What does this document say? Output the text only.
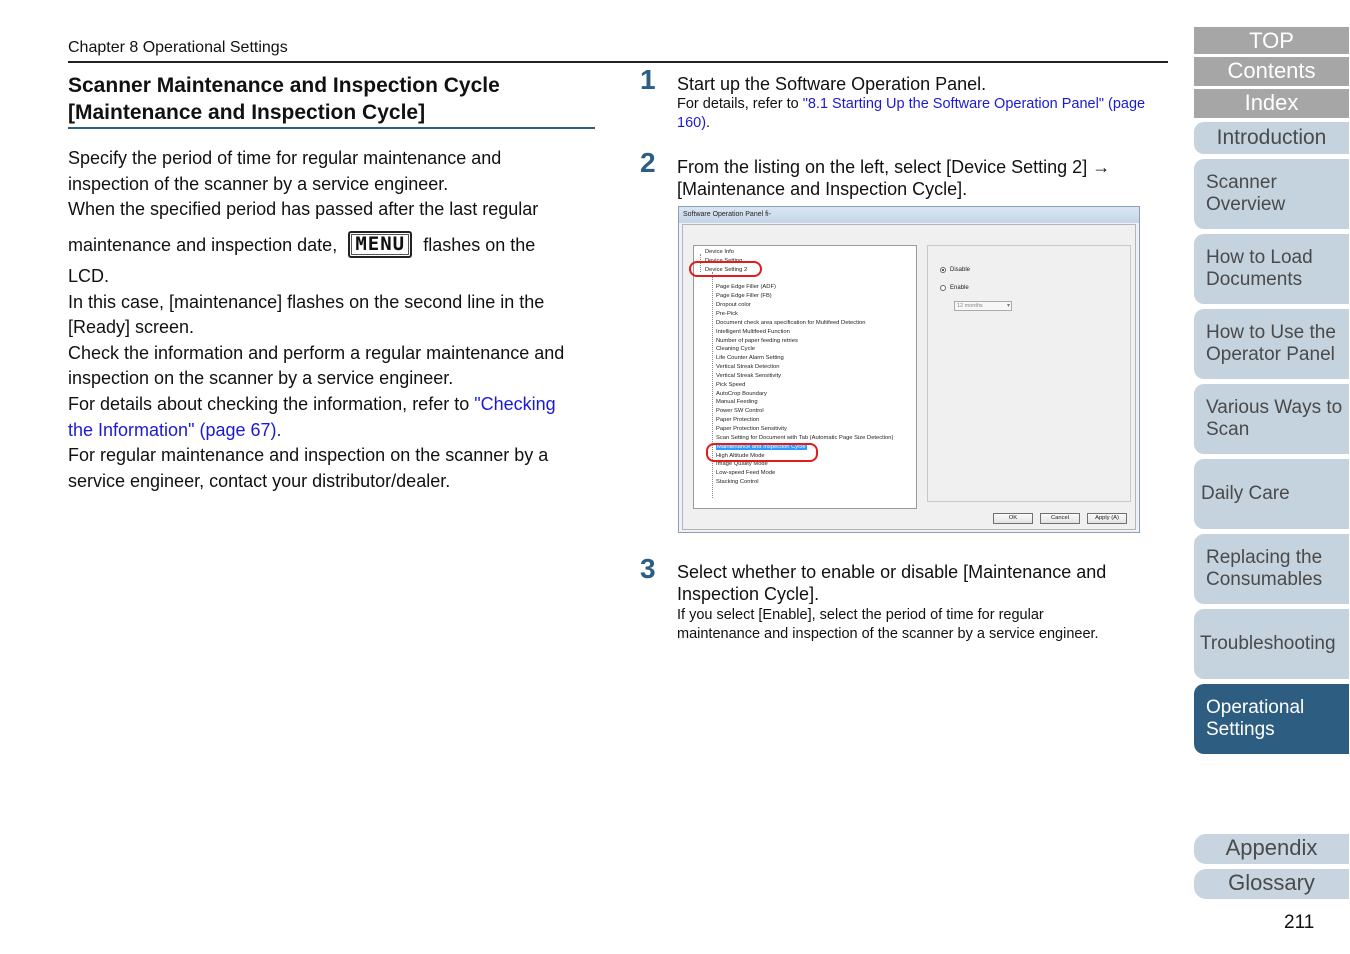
Chapter 8 Operational Settings
Scanner Maintenance and Inspection Cycle
[Maintenance and Inspection Cycle]
Specify the period of time for regular maintenance and
inspection of the scanner by a service engineer.
When the specified period has passed after the last regular
maintenance and inspection date, MENU flashes on the
LCD.
In this case, [maintenance] flashes on the second line in the
[Ready] screen.
Check the information and perform a regular maintenance and
inspection on the scanner by a service engineer.
For details about checking the information, refer to "Checking
the Information" (page 67).
For regular maintenance and inspection on the scanner by a
service engineer, contact your distributor/dealer.
1 Start up the Software Operation Panel.
For details, refer to "8.1 Starting Up the Software Operation Panel" (page 160).
2 From the listing on the left, select [Device Setting 2] →
[Maintenance and Inspection Cycle].
Software Operation Panel fi-
Device Info
Device Setting
Device Setting 2
Page Edge Filler (ADF)
Page Edge Filler (FB)
Dropout color
Pre-Pick
Document check area specification for Multifeed Detection
Intelligent Multifeed Function
Number of paper feeding retries
Cleaning Cycle
Life Counter Alarm Setting
Vertical Streak Detection
Vertical Streak Sensitivity
Pick Speed
AutoCrop Boundary
Manual Feeding
Power SW Control
Paper Protection
Paper Protection Sensitivity
Scan Setting for Document with Tab (Automatic Page Size Detection)
Maintenance and Inspection Cycle
High Altitude Mode
Image Quality Mode
Low-speed Feed Mode
Stacking Control
Disable
Enable
12 months ▾
OK	Cancel	Apply (A)
3 Select whether to enable or disable [Maintenance and
Inspection Cycle].
If you select [Enable], select the period of time for regular
maintenance and inspection of the scanner by a service engineer.
TOP
Contents
Index
Introduction
Scanner
Overview
How to Load
Documents
How to Use the
Operator Panel
Various Ways to
Scan
Daily Care
Replacing the
Consumables
Troubleshooting
Operational
Settings
Appendix
Glossary
211
